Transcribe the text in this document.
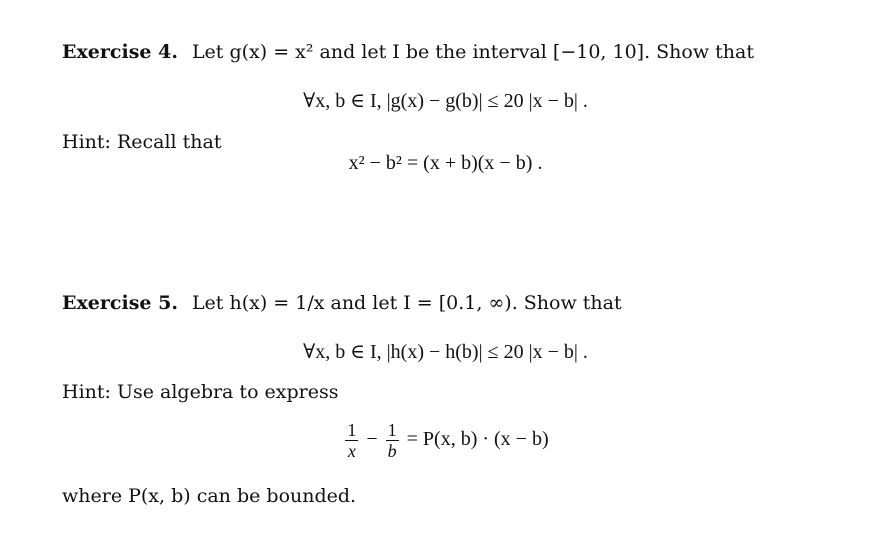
Exercise 4. Let g(x) = x² and let I be the interval [−10, 10]. Show that
∀x, b ∈ I, |g(x) − g(b)| ≤ 20 |x − b| .
Hint: Recall that
x² − b² = (x + b)(x − b) .
Exercise 5. Let h(x) = 1/x and let I = [0.1, ∞). Show that
∀x, b ∈ I, |h(x) − h(b)| ≤ 20 |x − b| .
Hint: Use algebra to express
$\frac{1}{x} - \frac{1}{b} = P(x$, b) · (x − b)
where P(x, b) can be bounded.
